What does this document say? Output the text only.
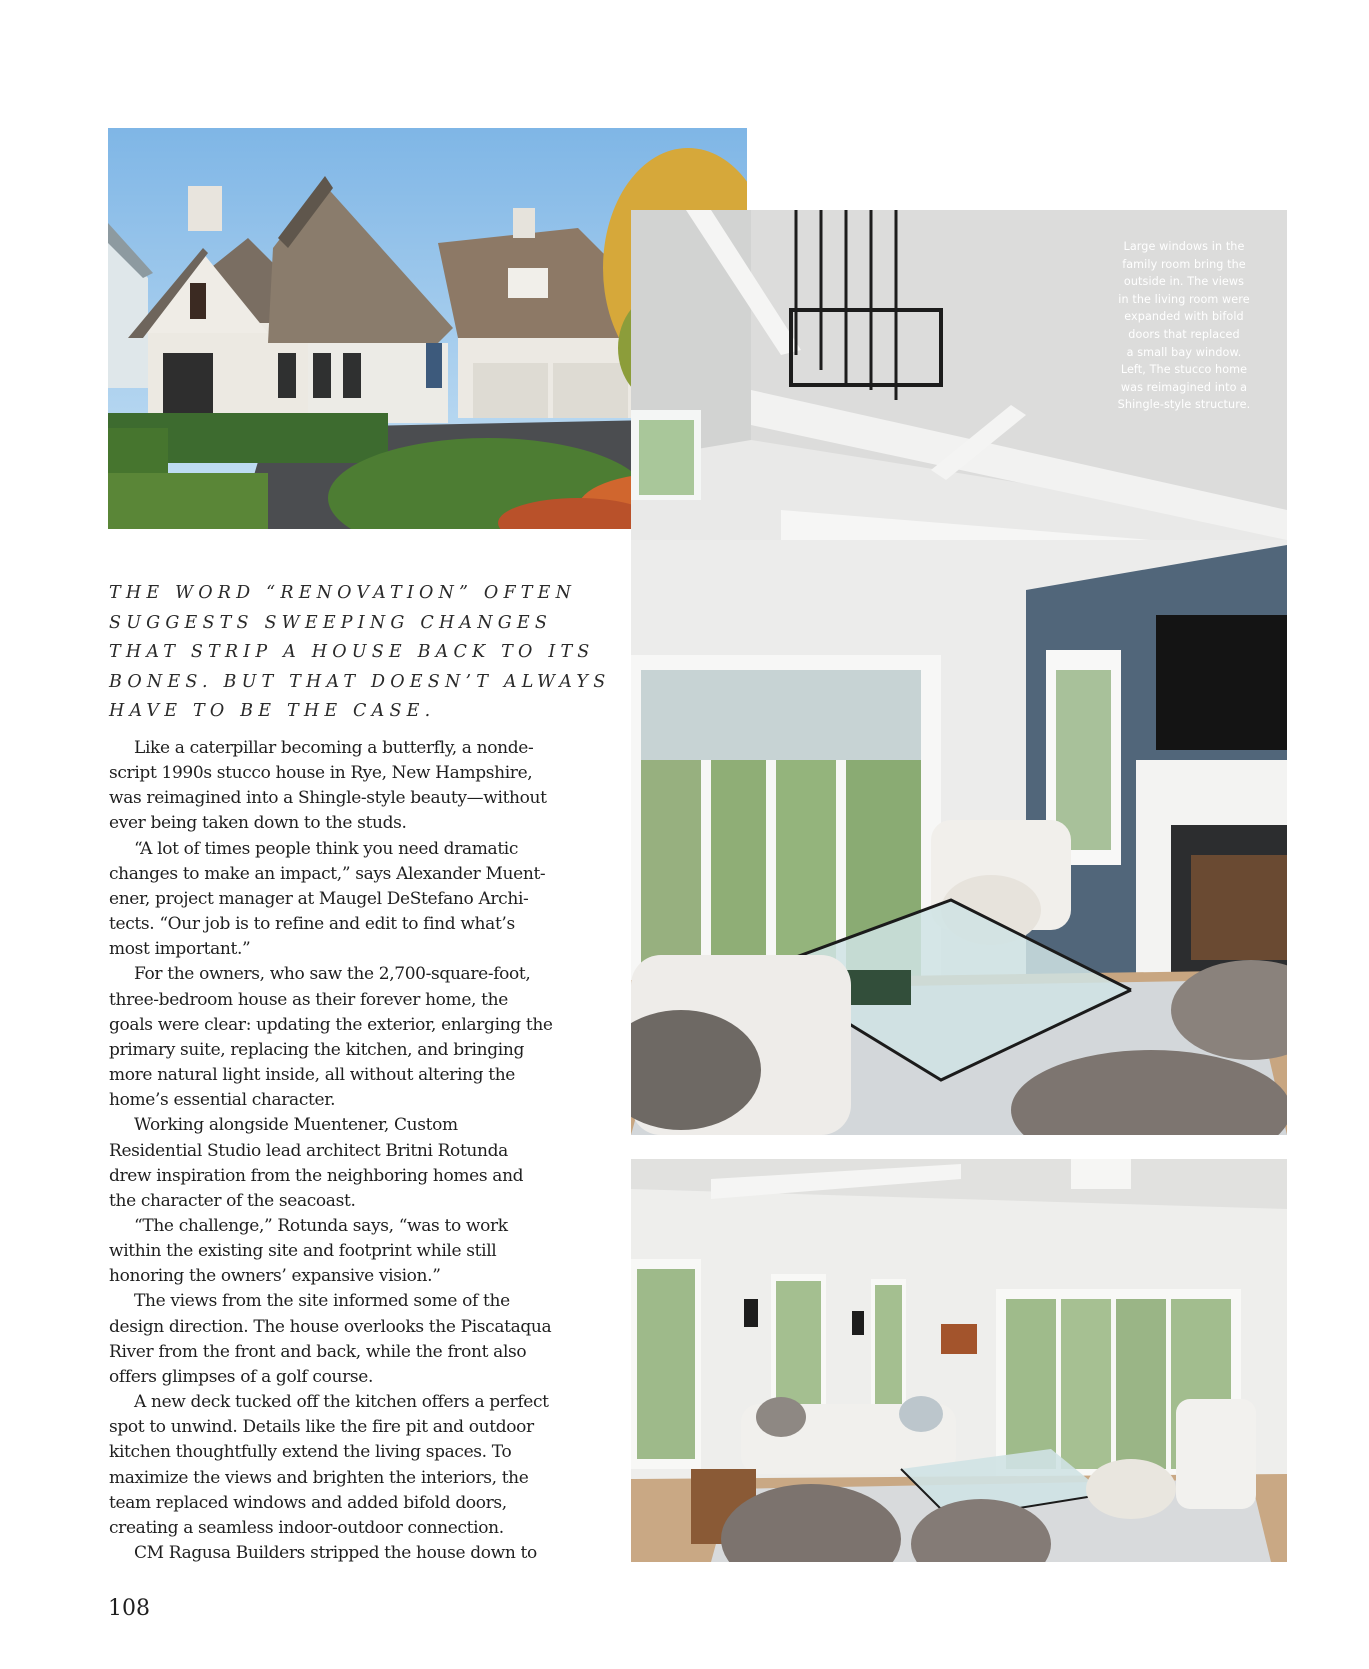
Large windows in the
family room bring the
outside in. The views
in the living room were
expanded with bifold
doors that replaced
a small bay window.
Left, The stucco home
was reimagined into a
Shingle-style structure.
THE WORD “RENOVATION” OFTEN
SUGGESTS SWEEPING CHANGES
THAT STRIP A HOUSE BACK TO ITS
BONES. BUT THAT DOESN’T ALWAYS
HAVE TO BE THE CASE.
Like a caterpillar becoming a butterfly, a nonde-
script 1990s stucco house in Rye, New Hampshire,
was reimagined into a Shingle-style beauty—without
ever being taken down to the studs.
“A lot of times people think you need dramatic
changes to make an impact,” says Alexander Muent-
ener, project manager at Maugel DeStefano Archi-
tects. “Our job is to refine and edit to find what’s
most important.”
For the owners, who saw the 2,700-square-foot,
three-bedroom house as their forever home, the
goals were clear: updating the exterior, enlarging the
primary suite, replacing the kitchen, and bringing
more natural light inside, all without altering the
home’s essential character.
Working alongside Muentener, Custom
Residential Studio lead architect Britni Rotunda
drew inspiration from the neighboring homes and
the character of the seacoast.
“The challenge,” Rotunda says, “was to work
within the existing site and footprint while still
honoring the owners’ expansive vision.”
The views from the site informed some of the
design direction. The house overlooks the Piscataqua
River from the front and back, while the front also
offers glimpses of a golf course.
A new deck tucked off the kitchen offers a perfect
spot to unwind. Details like the fire pit and outdoor
kitchen thoughtfully extend the living spaces. To
maximize the views and brighten the interiors, the
team replaced windows and added bifold doors,
creating a seamless indoor-outdoor connection.
CM Ragusa Builders stripped the house down to
108
